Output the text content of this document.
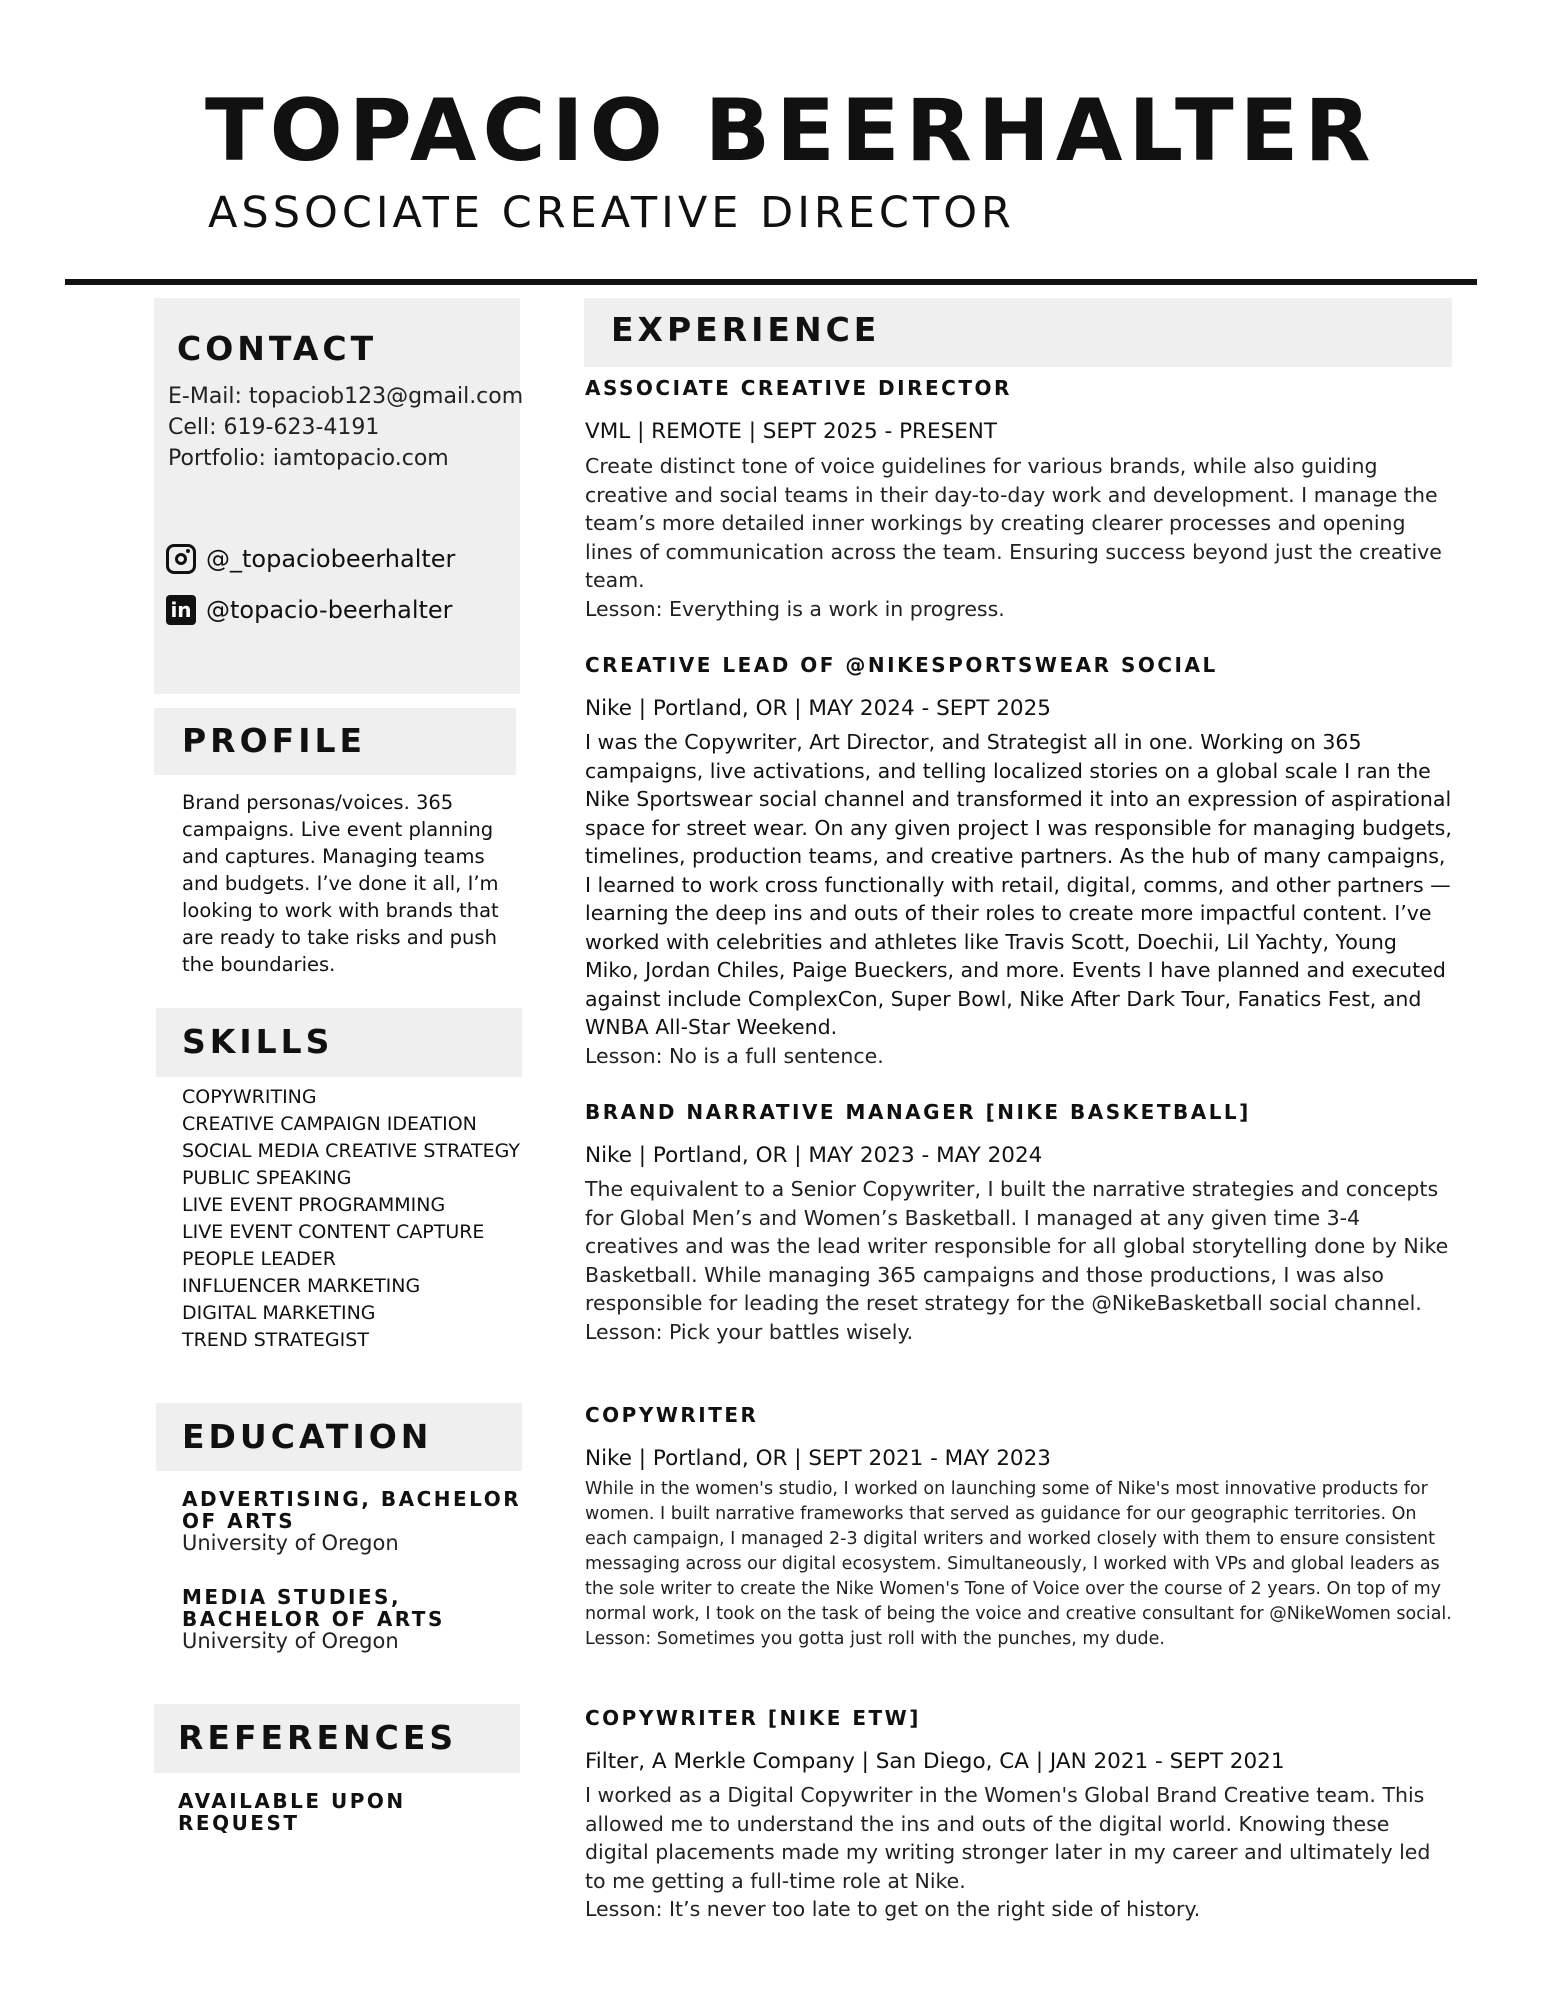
TOPACIO BEERHALTER
ASSOCIATE CREATIVE DIRECTOR
CONTACT
E-Mail: topaciob123@gmail.com
Cell: 619-623-4191
Portfolio: iamtopacio.com
@_topaciobeerhalter
in @topacio-beerhalter
PROFILE
Brand personas/voices. 365 campaigns. Live event planning and captures. Managing teams and budgets. I’ve done it all, I’m looking to work with brands that are ready to take risks and push the boundaries.
SKILLS
COPYWRITING
CREATIVE CAMPAIGN IDEATION
SOCIAL MEDIA CREATIVE STRATEGY
PUBLIC SPEAKING
LIVE EVENT PROGRAMMING
LIVE EVENT CONTENT CAPTURE
PEOPLE LEADER
INFLUENCER MARKETING
DIGITAL MARKETING
TREND STRATEGIST
EDUCATION
ADVERTISING, BACHELOR OF ARTS
University of Oregon
MEDIA STUDIES, BACHELOR OF ARTS
University of Oregon
REFERENCES
AVAILABLE UPON REQUEST
EXPERIENCE
ASSOCIATE CREATIVE DIRECTOR
VML | REMOTE | SEPT 2025 - PRESENT

Create distinct tone of voice guidelines for various brands, while also guiding creative and social teams in their day-to-day work and development. I manage the team’s more detailed inner workings by creating clearer processes and opening lines of communication across the team. Ensuring success beyond just the creative team.

Lesson: Everything is a work in progress.

CREATIVE LEAD OF @NIKESPORTSWEAR SOCIAL
Nike | Portland, OR | MAY 2024 - SEPT 2025

I was the Copywriter, Art Director, and Strategist all in one. Working on 365 campaigns, live activations, and telling localized stories on a global scale I ran the Nike Sportswear social channel and transformed it into an expression of aspirational space for street wear. On any given project I was responsible for managing budgets, timelines, production teams, and creative partners. As the hub of many campaigns, I learned to work cross functionally with retail, digital, comms, and other partners — learning the deep ins and outs of their roles to create more impactful content. I’ve worked with celebrities and athletes like Travis Scott, Doechii, Lil Yachty, Young Miko, Jordan Chiles, Paige Bueckers, and more. Events I have planned and executed against include ComplexCon, Super Bowl, Nike After Dark Tour, Fanatics Fest, and WNBA All-Star Weekend.

Lesson: No is a full sentence.

BRAND NARRATIVE MANAGER [NIKE BASKETBALL]
Nike | Portland, OR | MAY 2023 - MAY 2024

The equivalent to a Senior Copywriter, I built the narrative strategies and concepts for Global Men’s and Women’s Basketball. I managed at any given time 3-4 creatives and was the lead writer responsible for all global storytelling done by Nike Basketball. While managing 365 campaigns and those productions, I was also responsible for leading the reset strategy for the @NikeBasketball social channel.

Lesson: Pick your battles wisely.

COPYWRITER
Nike | Portland, OR | SEPT 2021 - MAY 2023

While in the women's studio, I worked on launching some of Nike's most innovative products for women. I built narrative frameworks that served as guidance for our geographic territories. On each campaign, I managed 2-3 digital writers and worked closely with them to ensure consistent messaging across our digital ecosystem. Simultaneously, I worked with VPs and global leaders as the sole writer to create the Nike Women's Tone of Voice over the course of 2 years. On top of my normal work, I took on the task of being the voice and creative consultant for @NikeWomen social.

Lesson: Sometimes you gotta just roll with the punches, my dude.

COPYWRITER [NIKE ETW]
Filter, A Merkle Company | San Diego, CA | JAN 2021 - SEPT 2021

I worked as a Digital Copywriter in the Women's Global Brand Creative team. This allowed me to understand the ins and outs of the digital world. Knowing these digital placements made my writing stronger later in my career and ultimately led to me getting a full-time role at Nike.

Lesson: It’s never too late to get on the right side of history.
